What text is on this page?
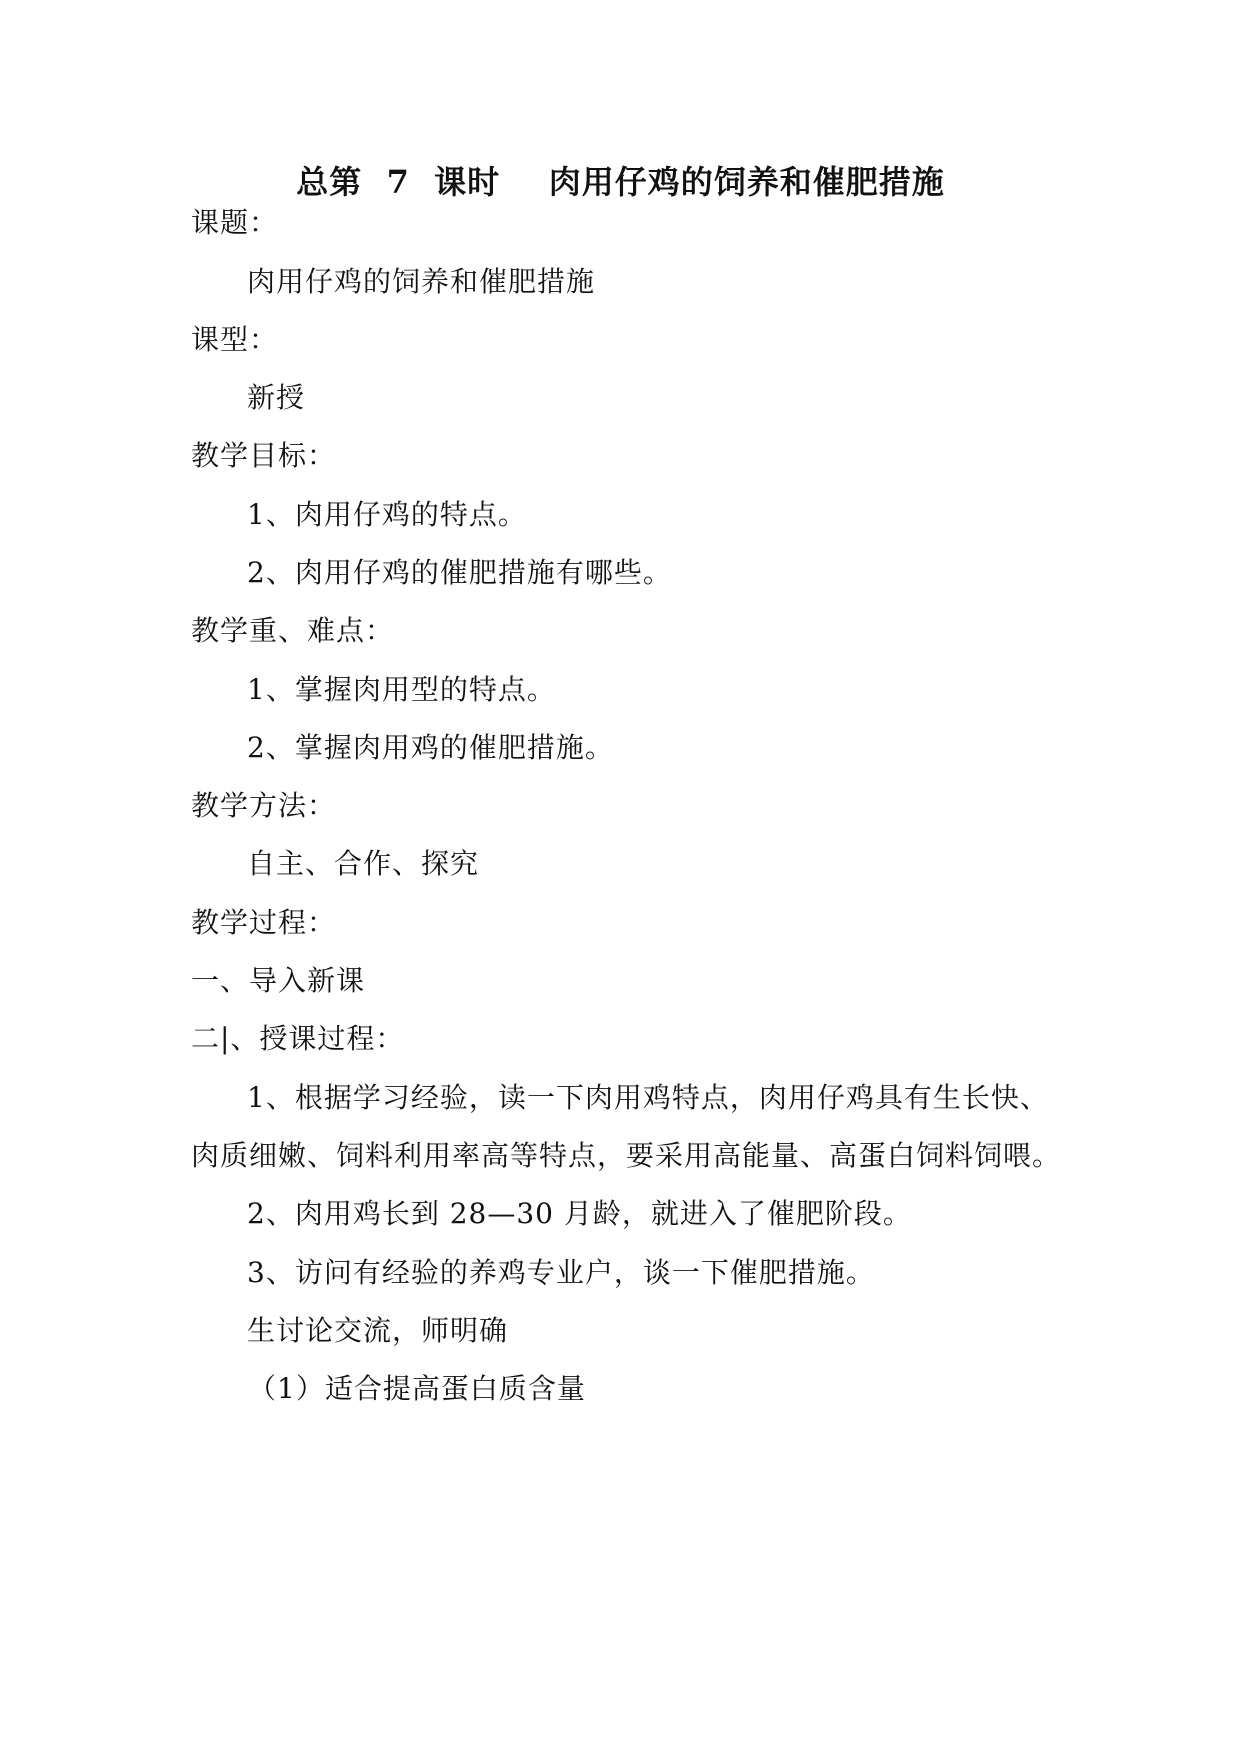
总第  7  课时    肉用仔鸡的饲养和催肥措施
课题：
肉用仔鸡的饲养和催肥措施
课型：
新授
教学目标：
1、肉用仔鸡的特点。
2、肉用仔鸡的催肥措施有哪些。
教学重、难点：
1、掌握肉用型的特点。
2、掌握肉用鸡的催肥措施。
教学方法：
自主、合作、探究
教学过程：
一、导入新课
二|、授课过程：
1、根据学习经验，读一下肉用鸡特点，肉用仔鸡具有生长快、
肉质细嫩、饲料利用率高等特点，要采用高能量、高蛋白饲料饲喂。
2、肉用鸡长到 28—30 月龄，就进入了催肥阶段。
3、访问有经验的养鸡专业户，谈一下催肥措施。
生讨论交流，师明确
（1）适合提高蛋白质含量
